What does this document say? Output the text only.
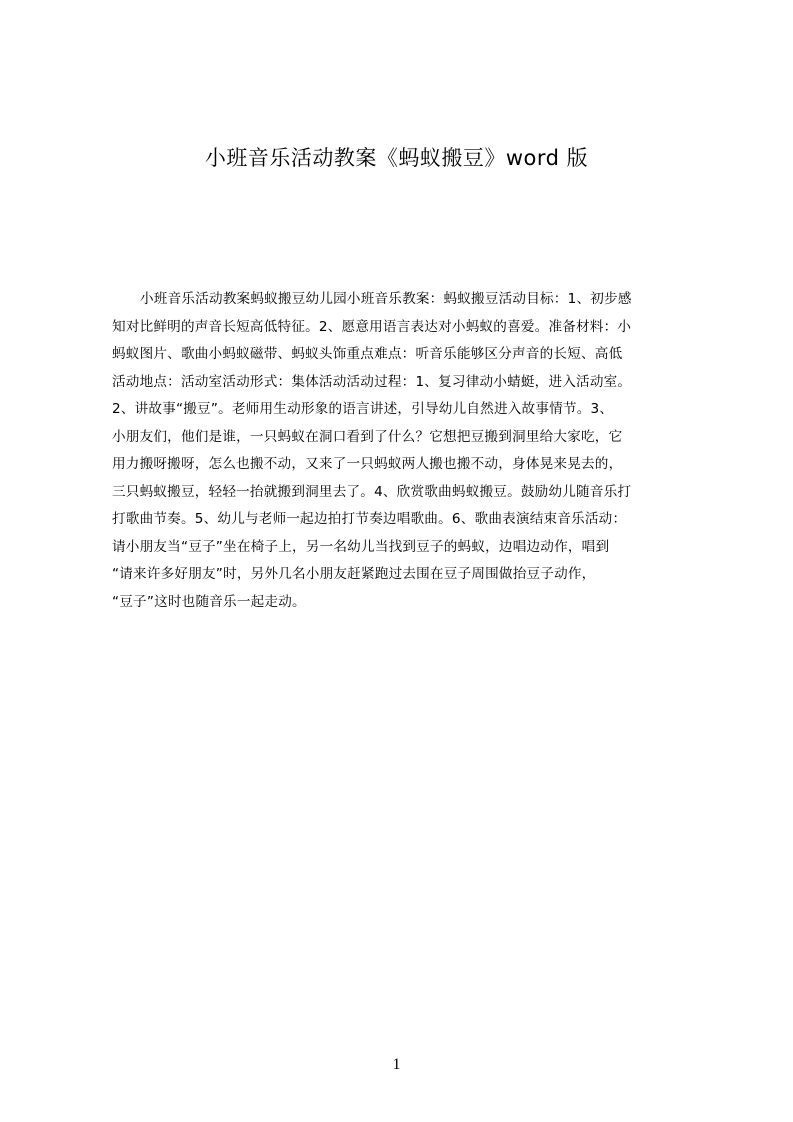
小班音乐活动教案《蚂蚁搬豆》word 版
小班音乐活动教案蚂蚁搬豆幼儿园小班音乐教案：蚂蚁搬豆活动目标：1、初步感
知对比鲜明的声音长短高低特征。2、愿意用语言表达对小蚂蚁的喜爱。准备材料：小
蚂蚁图片、歌曲小蚂蚁磁带、蚂蚁头饰重点难点：听音乐能够区分声音的长短、高低
活动地点：活动室活动形式：集体活动活动过程：1、复习律动小蜻蜓，进入活动室。
2、讲故事“搬豆”。老师用生动形象的语言讲述，引导幼儿自然进入故事情节。3、
小朋友们，他们是谁，一只蚂蚁在洞口看到了什么？它想把豆搬到洞里给大家吃，它
用力搬呀搬呀，怎么也搬不动，又来了一只蚂蚁两人搬也搬不动，身体晃来晃去的，
三只蚂蚁搬豆，轻轻一抬就搬到洞里去了。4、欣赏歌曲蚂蚁搬豆。鼓励幼儿随音乐打
打歌曲节奏。5、幼儿与老师一起边拍打节奏边唱歌曲。6、歌曲表演结束音乐活动：
请小朋友当“豆子”坐在椅子上，另一名幼儿当找到豆子的蚂蚁，边唱边动作，唱到
“请来许多好朋友”时，另外几名小朋友赶紧跑过去围在豆子周围做抬豆子动作，
“豆子”这时也随音乐一起走动。
1
